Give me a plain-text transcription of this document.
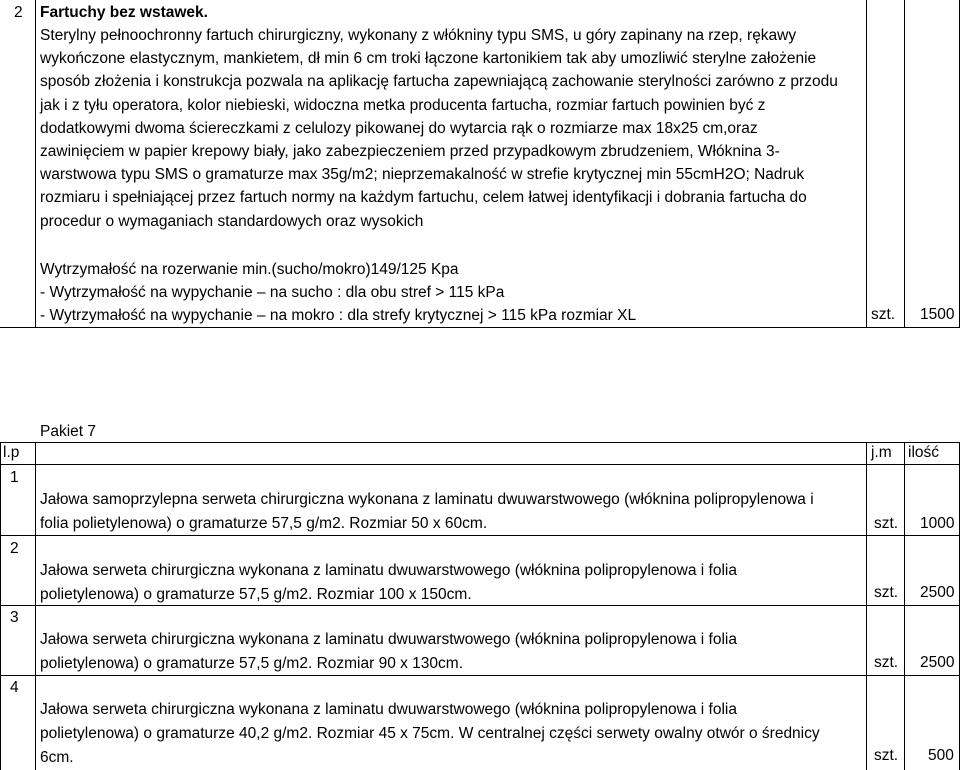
2 Fartuchy bez wstawek.
Sterylny pełnoochronny fartuch chirurgiczny, wykonany z włókniny typu SMS, u góry zapinany na rzep, rękawy
wykończone elastycznym, mankietem, dł min 6 cm troki łączone kartonikiem tak aby umozliwić sterylne założenie
sposób złożenia i konstrukcja pozwala na aplikację fartucha zapewniającą zachowanie sterylności zarówno z przodu
jak i z tyłu operatora, kolor niebieski, widoczna metka producenta fartucha, rozmiar fartuch powinien być z
dodatkowymi dwoma ściereczkami z celulozy pikowanej do wytarcia rąk o rozmiarze max 18x25 cm,oraz
zawinięciem w papier krepowy biały, jako zabezpieczeniem przed przypadkowym zbrudzeniem, Włókninа 3-
warstwowa typu SMS o gramaturze max 35g/m2; nieprzemakalność w strefie krytycznej min 55cmH2O; Nadruk
rozmiaru i spełniającej przez fartuch normy na każdym fartuchu, celem łatwej identyfikacji i dobrania fartucha do
procedur o wymaganiach standardowych oraz wysokich
Wytrzymałość na rozerwanie min.(sucho/mokro)149/125 Kpa
- Wytrzymałość na wypychanie – na sucho : dla obu stref > 115 kPa
- Wytrzymałość na wypychanie – na mokro : dla strefy krytycznej > 115 kPa rozmiar XL	szt. 1500
Pakiet 7
l.p	j.m ilość
1
Jałowa samoprzylepna serweta chirurgiczna wykonana z laminatu dwuwarstwowego (włóknina polipropylenowa i
folia polietylenowa) o gramaturze 57,5 g/m2. Rozmiar 50 x 60cm.	szt. 1000
2
Jałowa serweta chirurgiczna wykonana z laminatu dwuwarstwowego (włóknina polipropylenowa i folia
polietylenowa) o gramaturze 57,5 g/m2. Rozmiar 100 x 150cm.	szt. 2500
3
Jałowa serweta chirurgiczna wykonana z laminatu dwuwarstwowego (włóknina polipropylenowa i folia
polietylenowa) o gramaturze 57,5 g/m2. Rozmiar 90 x 130cm.	szt. 2500
4
Jałowa serweta chirurgiczna wykonana z laminatu dwuwarstwowego (włóknina polipropylenowa i folia
polietylenowa) o gramaturze 40,2 g/m2. Rozmiar 45 x 75cm. W centralnej części serwety owalny otwór o średnicy
6cm.	szt. 500
